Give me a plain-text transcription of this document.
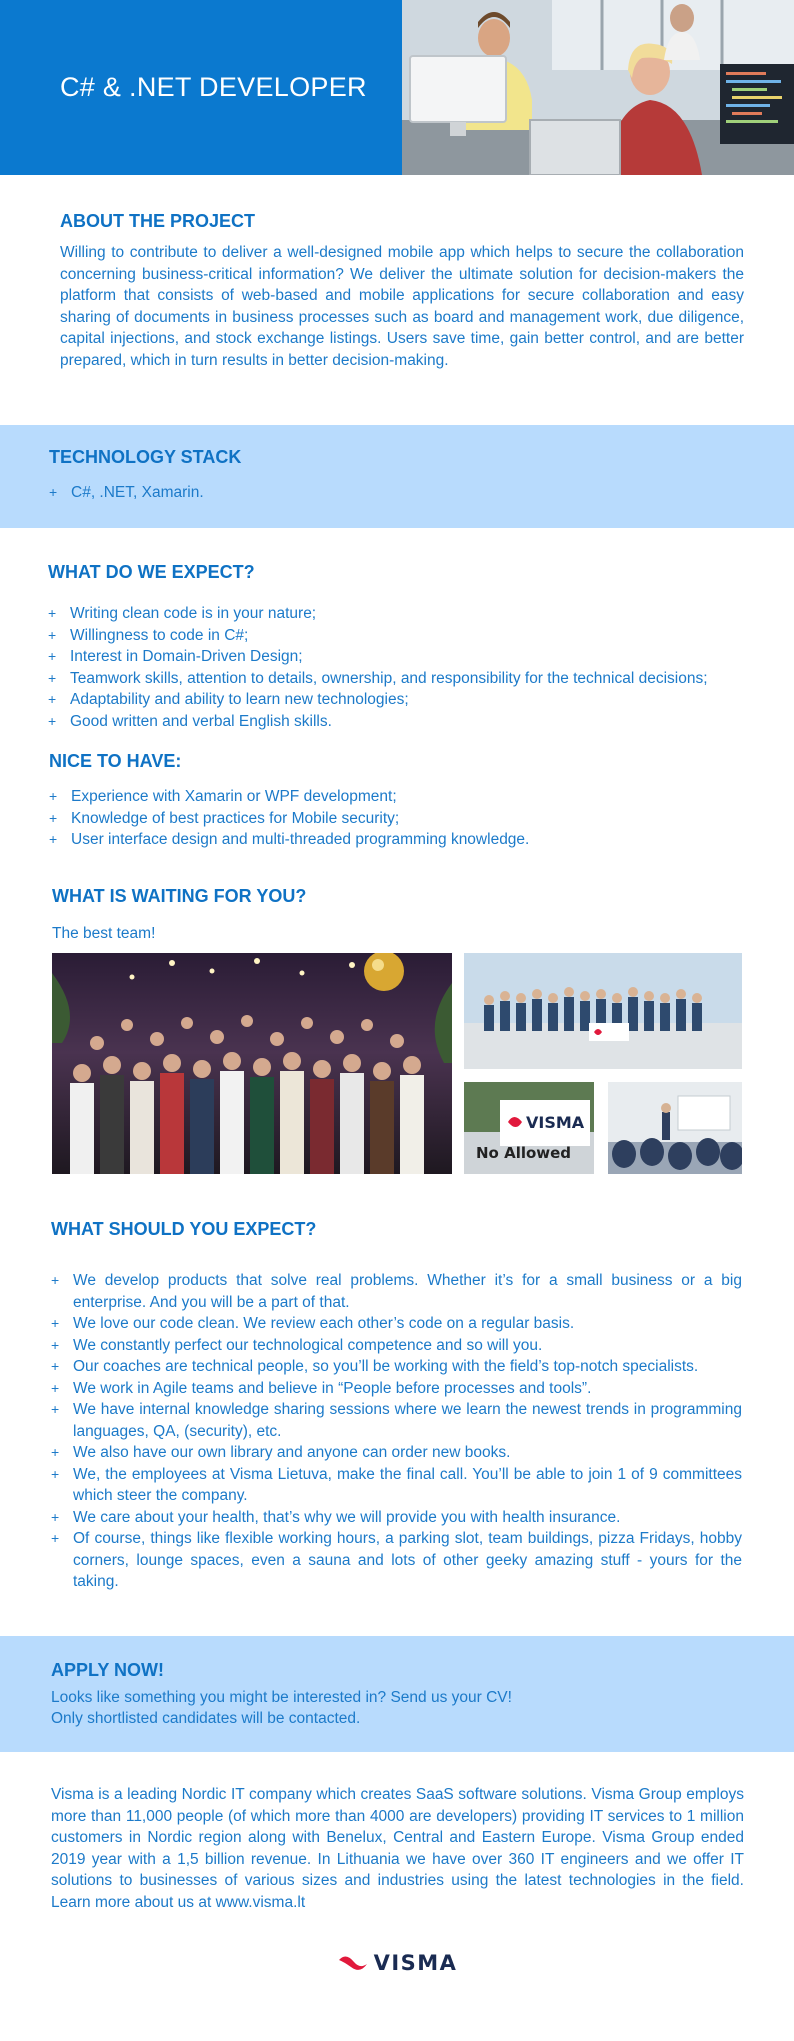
C# & .NET DEVELOPER
ABOUT THE PROJECT

Willing to contribute to deliver a well-designed mobile app which helps to secure the collaboration concerning business-critical information? We deliver the ultimate solution for decision-makers the platform that consists of web-based and mobile applications for secure collaboration and easy sharing of documents in business processes such as board and management work, due diligence, capital injections, and stock exchange listings. Users save time, gain better control, and are better prepared, which in turn results in better decision-making.

TECHNOLOGY STACK
+ C#, .NET, Xamarin.
WHAT DO WE EXPECT?
+ Writing clean code is in your nature;
+ Willingness to code in C#;
+ Interest in Domain-Driven Design;
+ Teamwork skills, attention to details, ownership, and responsibility for the technical decisions;
+ Adaptability and ability to learn new technologies;
+ Good written and verbal English skills.
NICE TO HAVE:
+ Experience with Xamarin or WPF development;
+ Knowledge of best practices for Mobile security;
+ User interface design and multi-threaded programming knowledge.
WHAT IS WAITING FOR YOU?

The best team!

VISMA
No Allowed
WHAT SHOULD YOU EXPECT?
+ We develop products that solve real problems. Whether it’s for a small business or a big enterprise. And you will be a part of that.
+ We love our code clean. We review each other’s code on a regular basis.
+ We constantly perfect our technological competence and so will you.
+ Our coaches are technical people, so you’ll be working with the field’s top-notch specialists.
+ We work in Agile teams and believe in “People before processes and tools”.
+ We have internal knowledge sharing sessions where we learn the newest trends in programming languages, QA, (security), etc.
+ We also have our own library and anyone can order new books.
+ We, the employees at Visma Lietuva, make the final call. You’ll be able to join 1 of 9 committees which steer the company.
+ We care about your health, that’s why we will provide you with health insurance.
+ Of course, things like flexible working hours, a parking slot, team buildings, pizza Fridays, hobby corners, lounge spaces, even a sauna and lots of other geeky amazing stuff - yours for the taking.
APPLY NOW!

Looks like something you might be interested in? Send us your CV!
Only shortlisted candidates will be contacted.

Visma is a leading Nordic IT company which creates SaaS software solutions. Visma Group employs more than 11,000 people (of which more than 4000 are developers) providing IT services to 1 million customers in Nordic region along with Benelux, Central and Eastern Europe. Visma Group ended 2019 year with a 1,5 billion revenue. In Lithuania we have over 360 IT engineers and we offer IT solutions to businesses of various sizes and industries using the latest technologies in the field. Learn more about us at www.visma.lt

VISMA
